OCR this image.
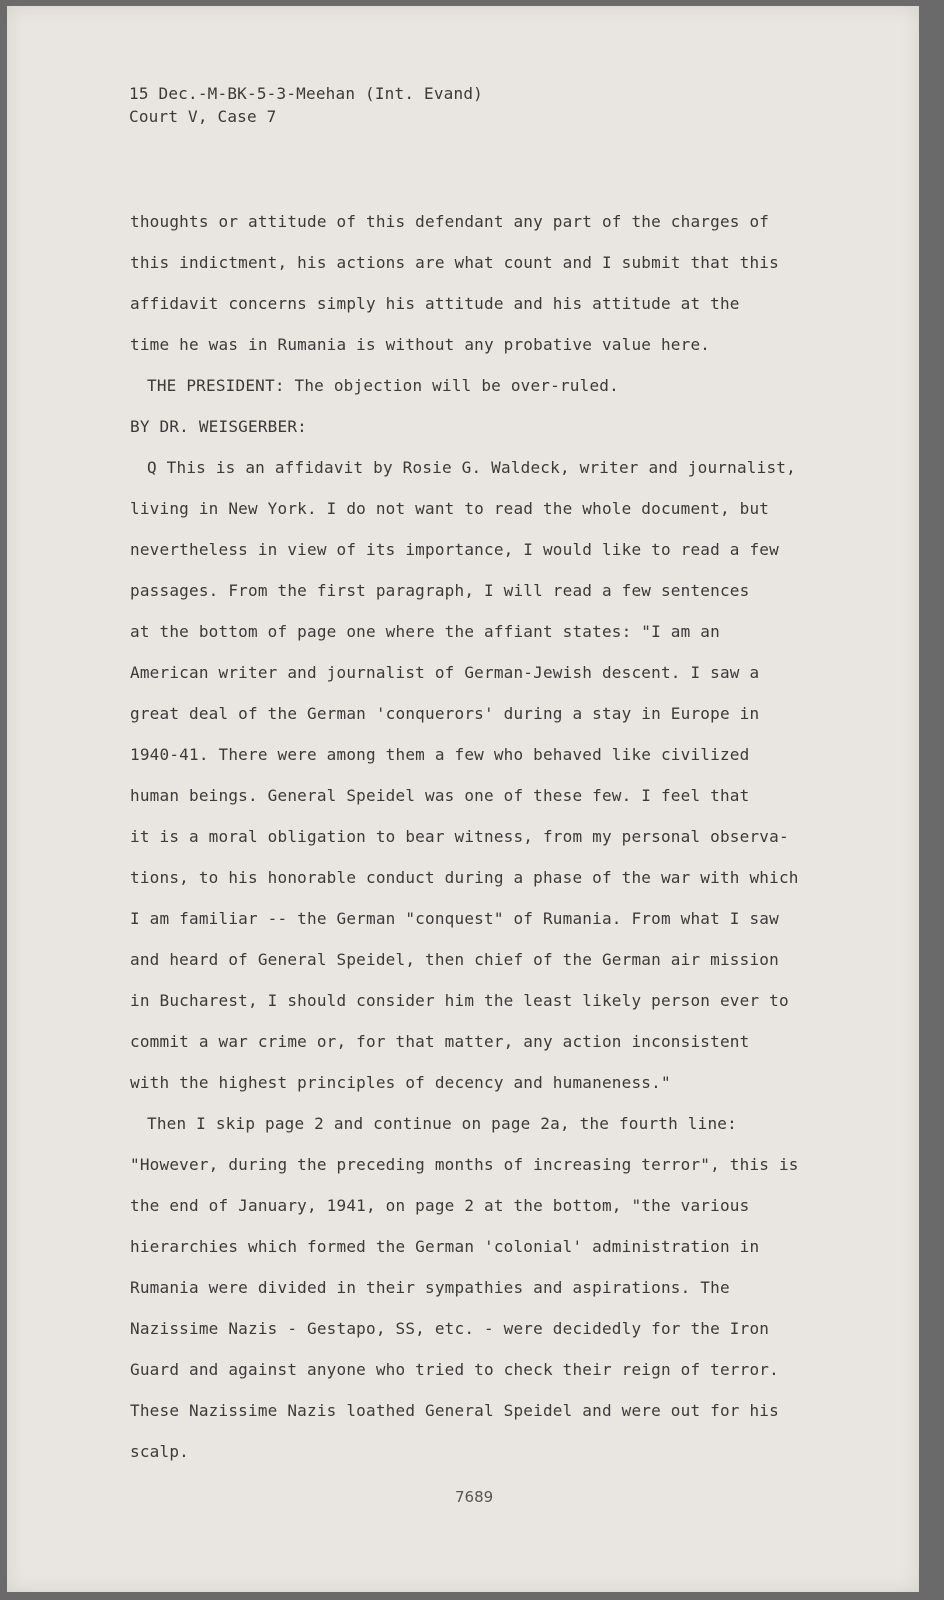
15 Dec.-M-BK-5-3-Meehan (Int. Evand)
Court V, Case 7
thoughts or attitude of this defendant any part of the charges of
this indictment, his actions are what count and I submit that this
affidavit concerns simply his attitude and his attitude at the
time he was in Rumania is without any probative value here.
THE PRESIDENT: The objection will be over-ruled.
BY DR. WEISGERBER:
Q This is an affidavit by Rosie G. Waldeck, writer and journalist,
living in New York. I do not want to read the whole document, but
nevertheless in view of its importance, I would like to read a few
passages. From the first paragraph, I will read a few sentences
at the bottom of page one where the affiant states: "I am an
American writer and journalist of German-Jewish descent. I saw a
great deal of the German 'conquerors' during a stay in Europe in
1940-41. There were among them a few who behaved like civilized
human beings. General Speidel was one of these few. I feel that
it is a moral obligation to bear witness, from my personal observa-
tions, to his honorable conduct during a phase of the war with which
I am familiar -- the German "conquest" of Rumania. From what I saw
and heard of General Speidel, then chief of the German air mission
in Bucharest, I should consider him the least likely person ever to
commit a war crime or, for that matter, any action inconsistent
with the highest principles of decency and humaneness."
Then I skip page 2 and continue on page 2a, the fourth line:
"However, during the preceding months of increasing terror", this is
the end of January, 1941, on page 2 at the bottom, "the various
hierarchies which formed the German 'colonial' administration in
Rumania were divided in their sympathies and aspirations. The
Nazissime Nazis - Gestapo, SS, etc. - were decidedly for the Iron
Guard and against anyone who tried to check their reign of terror.
These Nazissime Nazis loathed General Speidel and were out for his
scalp.
7689
